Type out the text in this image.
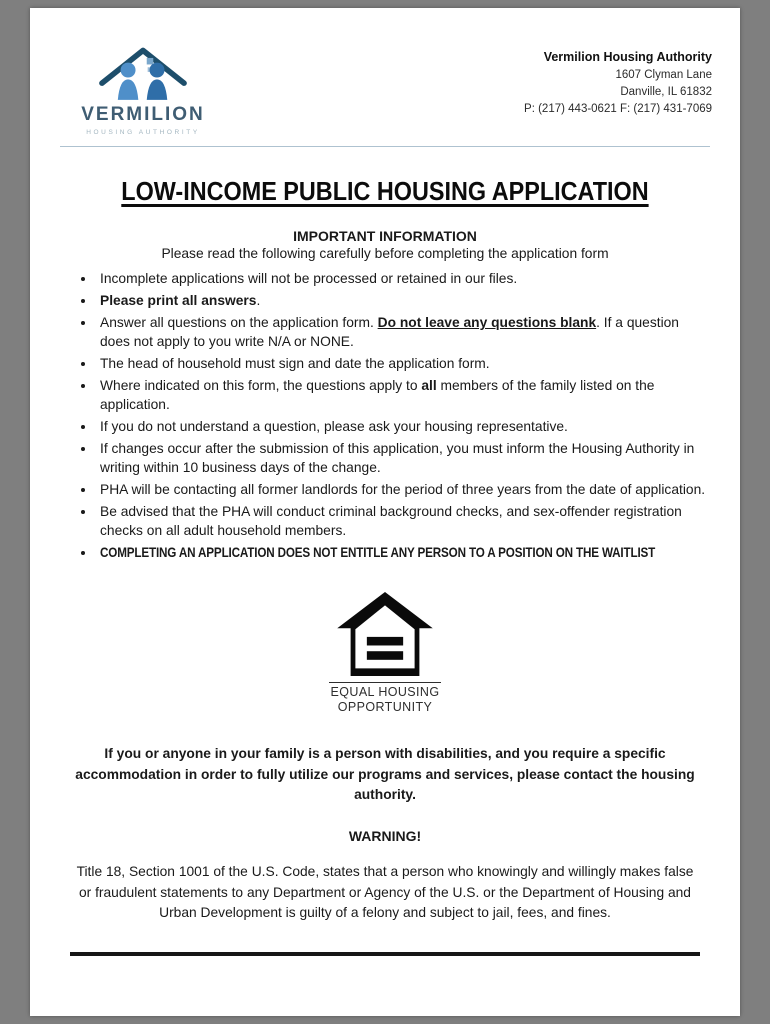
VERMILION
HOUSING AUTHORITY
Vermilion Housing Authority
1607 Clyman Lane
Danville, IL 61832
P: (217) 443-0621 F: (217) 431-7069
LOW-INCOME PUBLIC HOUSING APPLICATION
IMPORTANT INFORMATION
Please read the following carefully before completing the application form
• Incomplete applications will not be processed or retained in our files.
• Please print all answers.
• Answer all questions on the application form. Do not leave any questions blank. If a question does not apply to you write N/A or NONE.
• The head of household must sign and date the application form.
• Where indicated on this form, the questions apply to all members of the family listed on the application.
• If you do not understand a question, please ask your housing representative.
• If changes occur after the submission of this application, you must inform the Housing Authority in writing within 10 business days of the change.
• PHA will be contacting all former landlords for the period of three years from the date of application.
• Be advised that the PHA will conduct criminal background checks, and sex-offender registration checks on all adult household members.
• COMPLETING AN APPLICATION DOES NOT ENTITLE ANY PERSON TO A POSITION ON THE WAITLIST
EQUAL HOUSING
OPPORTUNITY

If you or anyone in your family is a person with disabilities, and you require a specific accommodation in order to fully utilize our programs and services, please contact the housing authority.

WARNING!

Title 18, Section 1001 of the U.S. Code, states that a person who knowingly and willingly makes false or fraudulent statements to any Department or Agency of the U.S. or the Department of Housing and Urban Development is guilty of a felony and subject to jail, fees, and fines.
